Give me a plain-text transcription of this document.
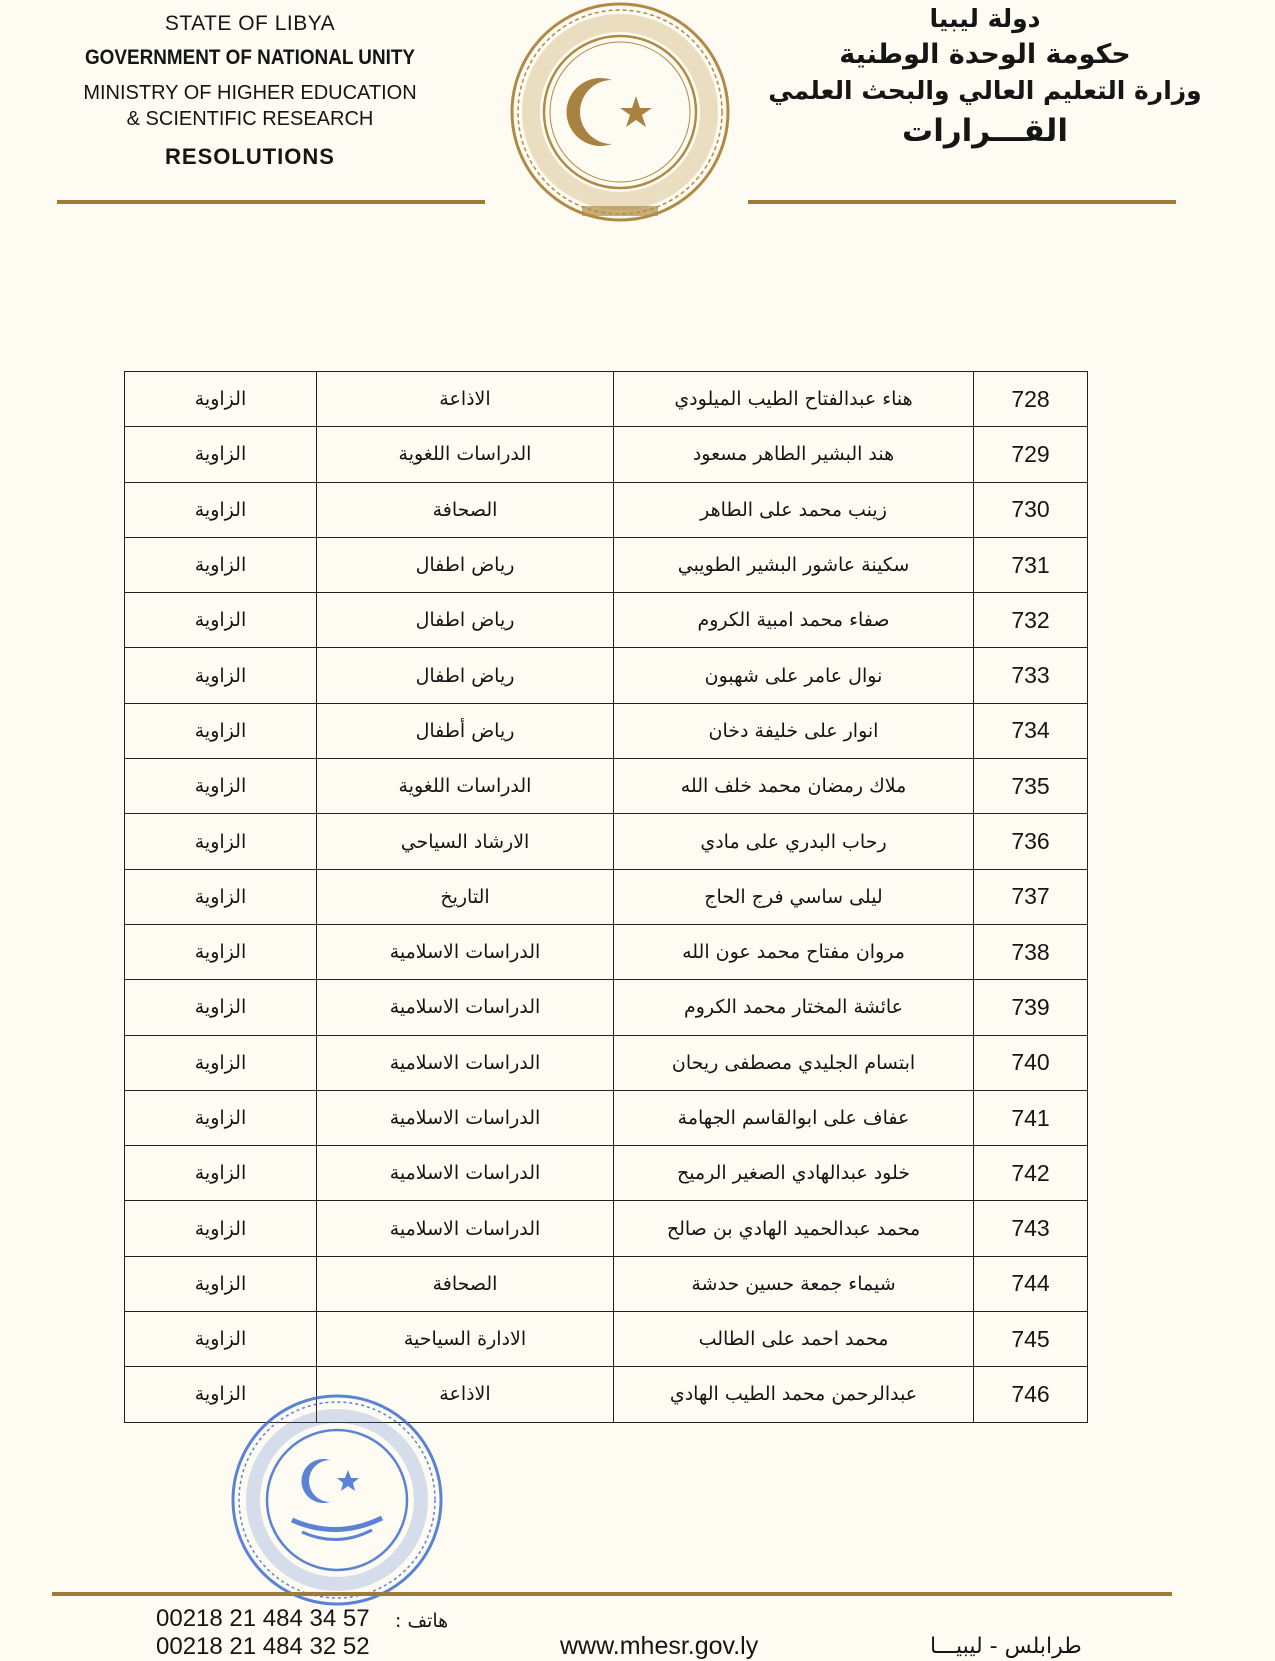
STATE OF LIBYA
GOVERNMENT OF NATIONAL UNITY
MINISTRY OF HIGHER EDUCATION
& SCIENTIFIC RESEARCH
RESOLUTIONS
دولة ليبيا
حكومة الوحدة الوطنية
وزارة التعليم العالي والبحث العلمي
القـــرارات
الزاوية	الاذاعة	هناء عبدالفتاح الطيب الميلودي	728
الزاوية	الدراسات اللغوية	هند البشير الطاهر مسعود	729
الزاوية	الصحافة	زينب محمد على الطاهر	730
الزاوية	رياض اطفال	سكينة عاشور البشير الطويبي	731
الزاوية	رياض اطفال	صفاء محمد امبية الكروم	732
الزاوية	رياض اطفال	نوال عامر على شهبون	733
الزاوية	رياض أطفال	انوار على خليفة دخان	734
الزاوية	الدراسات اللغوية	ملاك رمضان محمد خلف الله	735
الزاوية	الارشاد السياحي	رحاب البدري على مادي	736
الزاوية	التاريخ	ليلى ساسي فرج الحاج	737
الزاوية	الدراسات الاسلامية	مروان مفتاح محمد عون الله	738
الزاوية	الدراسات الاسلامية	عائشة المختار محمد الكروم	739
الزاوية	الدراسات الاسلامية	ابتسام الجليدي مصطفى ريحان	740
الزاوية	الدراسات الاسلامية	عفاف على ابوالقاسم الجهامة	741
الزاوية	الدراسات الاسلامية	خلود عبدالهادي الصغير الرميح	742
الزاوية	الدراسات الاسلامية	محمد عبدالحميد الهادي بن صالح	743
الزاوية	الصحافة	شيماء جمعة حسين حدشة	744
الزاوية	الادارة السياحية	محمد احمد على الطالب	745
الزاوية	الاذاعة	عبدالرحمن محمد الطيب الهادي	746
00218 21 484 34 57
00218 21 484 32 52
هاتف :
www.mhesr.gov.ly	طرابلس - ليبيـــا
